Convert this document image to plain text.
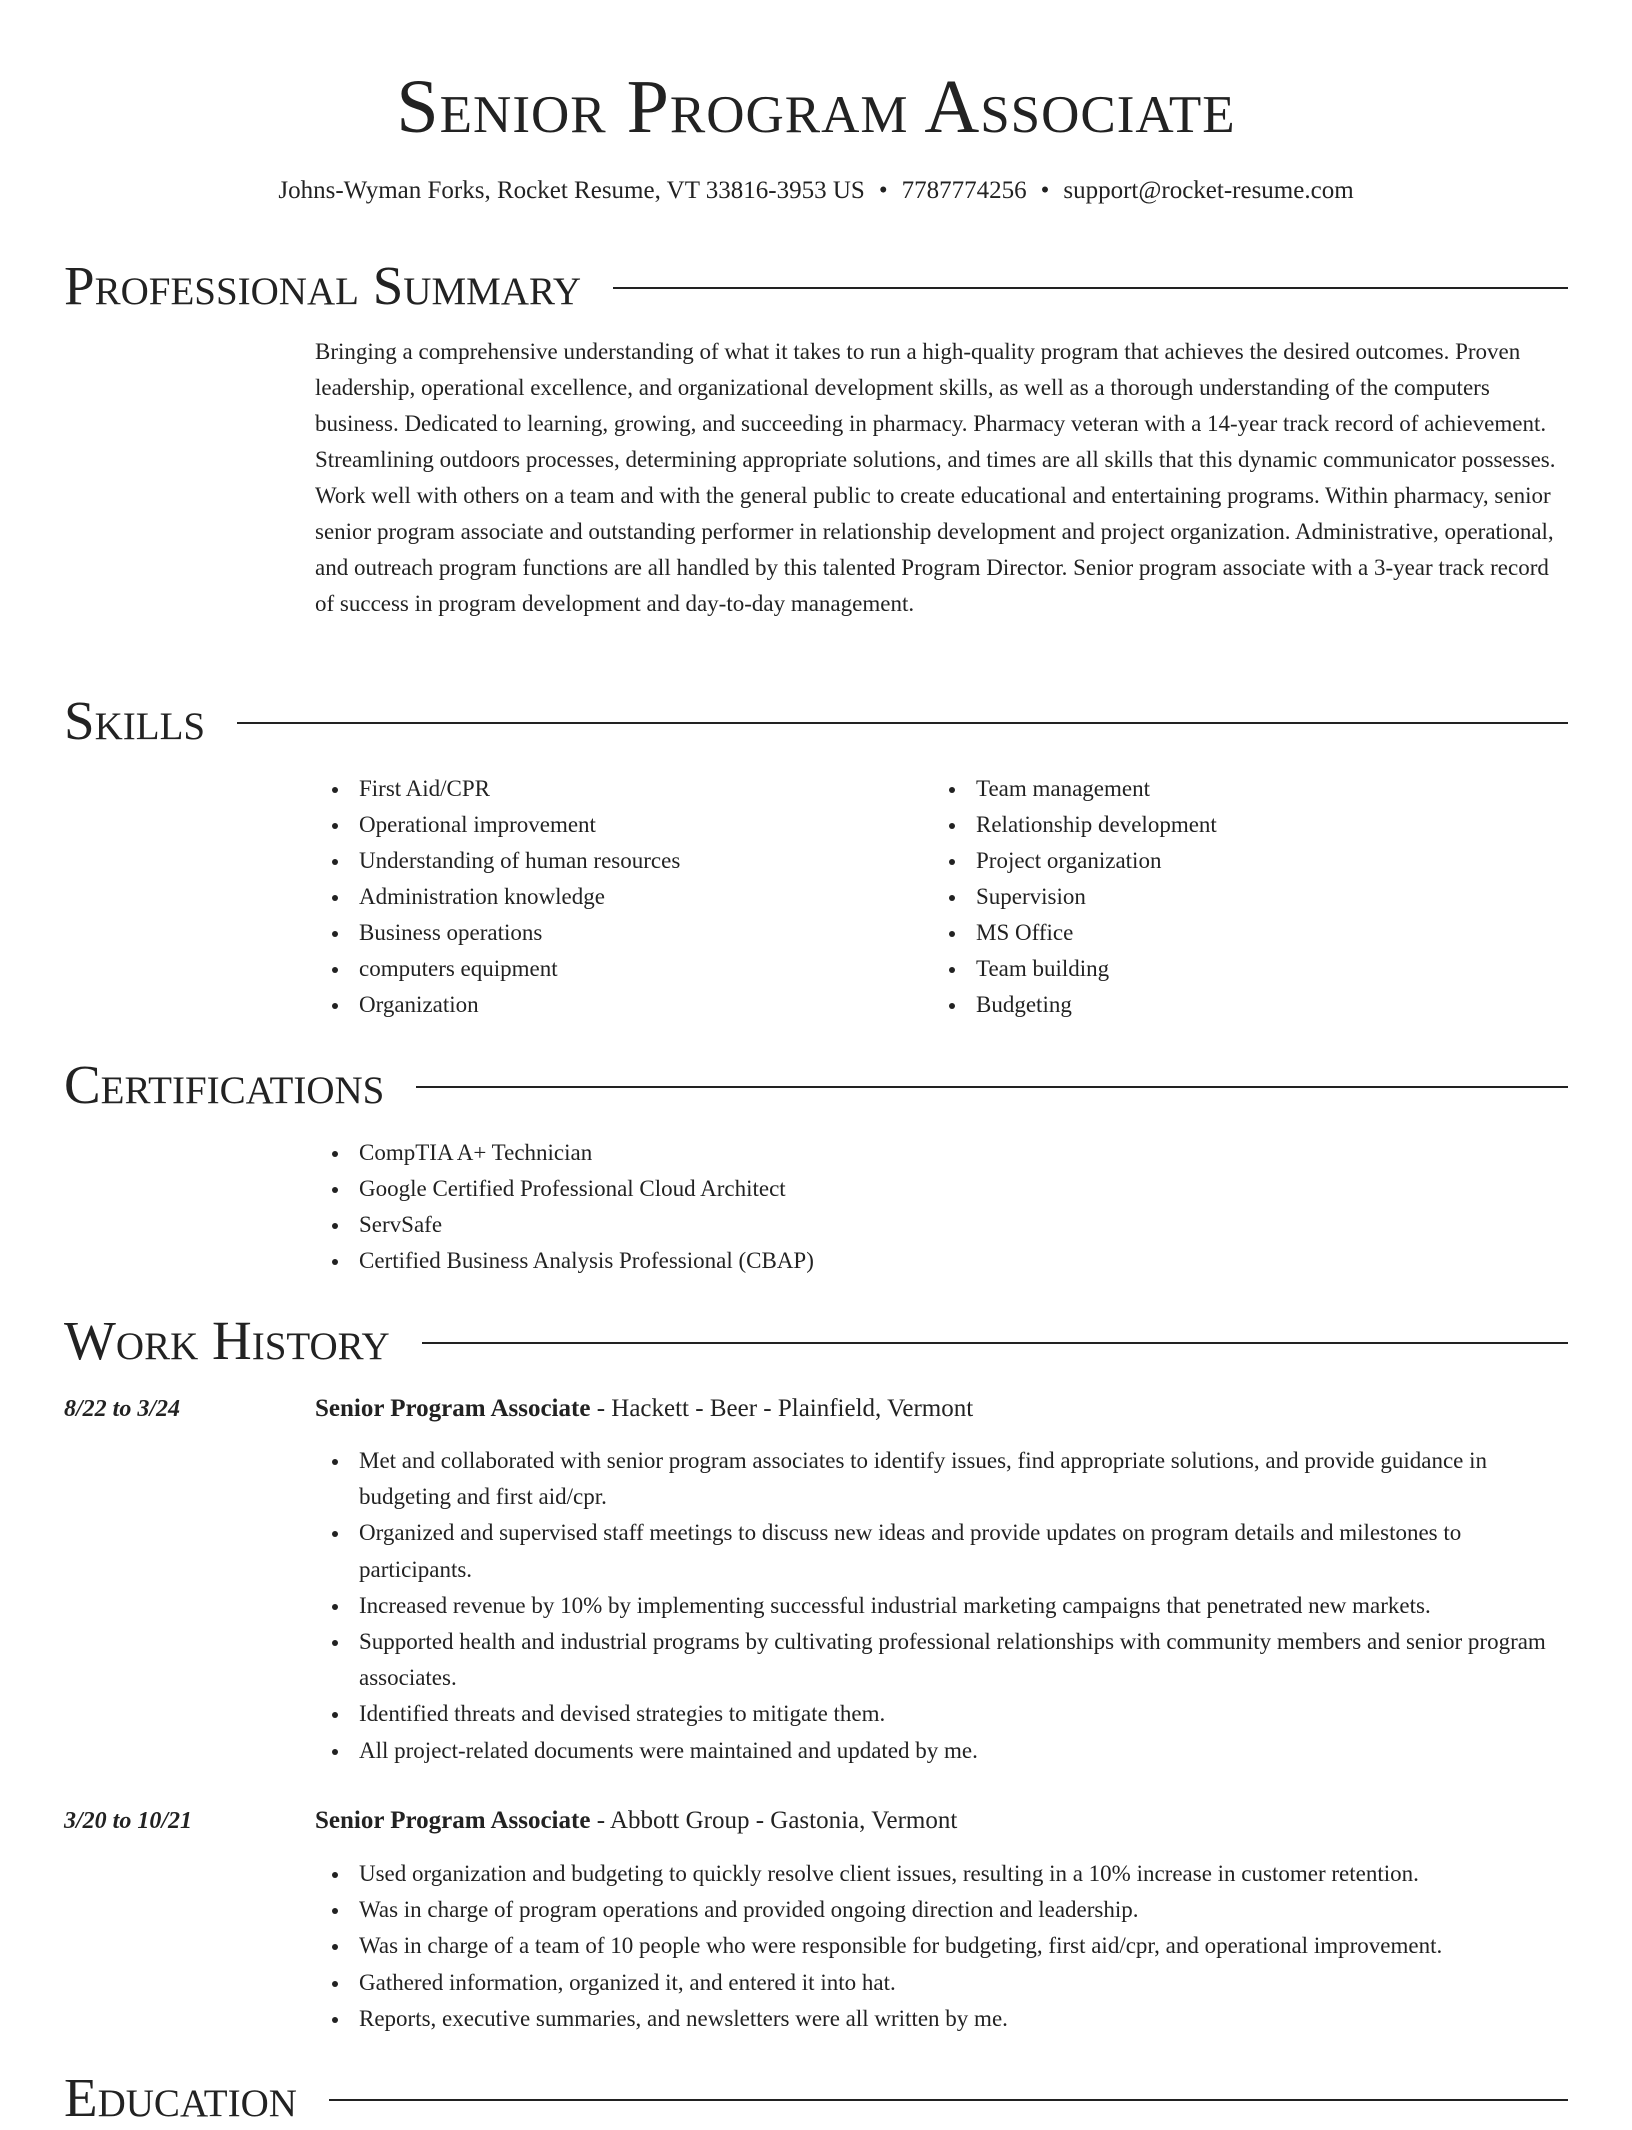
Senior Program Associate
Johns-Wyman Forks, Rocket Resume, VT 33816-3953 US • 7787774256 • support@rocket-resume.com
Professional Summary

Bringing a comprehensive understanding of what it takes to run a high-quality program that achieves the desired outcomes. Proven leadership, operational excellence, and organizational development skills, as well as a thorough understanding of the computers business. Dedicated to learning, growing, and succeeding in pharmacy. Pharmacy veteran with a 14-year track record of achievement. Streamlining outdoors processes, determining appropriate solutions, and times are all skills that this dynamic communicator possesses. Work well with others on a team and with the general public to create educational and entertaining programs. Within pharmacy, senior senior program associate and outstanding performer in relationship development and project organization. Administrative, operational, and outreach program functions are all handled by this talented Program Director. Senior program associate with a 3-year track record of success in program development and day-to-day management.

Skills
First Aid/CPR
Operational improvement
Understanding of human resources
Administration knowledge
Business operations
computers equipment
Organization
Team management
Relationship development
Project organization
Supervision
MS Office
Team building
Budgeting
Certifications
CompTIA A+ Technician
Google Certified Professional Cloud Architect
ServSafe
Certified Business Analysis Professional (CBAP)
Work History
8/22 to 3/24	Senior Program Associate - Hackett - Beer - Plainfield, Vermont
Met and collaborated with senior program associates to identify issues, find appropriate solutions, and provide guidance in budgeting and first aid/cpr.
Organized and supervised staff meetings to discuss new ideas and provide updates on program details and milestones to participants.
Increased revenue by 10% by implementing successful industrial marketing campaigns that penetrated new markets.
Supported health and industrial programs by cultivating professional relationships with community members and senior program associates.
Identified threats and devised strategies to mitigate them.
All project-related documents were maintained and updated by me.
3/20 to 10/21	Senior Program Associate - Abbott Group - Gastonia, Vermont
Used organization and budgeting to quickly resolve client issues, resulting in a 10% increase in customer retention.
Was in charge of program operations and provided ongoing direction and leadership.
Was in charge of a team of 10 people who were responsible for budgeting, first aid/cpr, and operational improvement.
Gathered information, organized it, and entered it into hat.
Reports, executive summaries, and newsletters were all written by me.
Education
